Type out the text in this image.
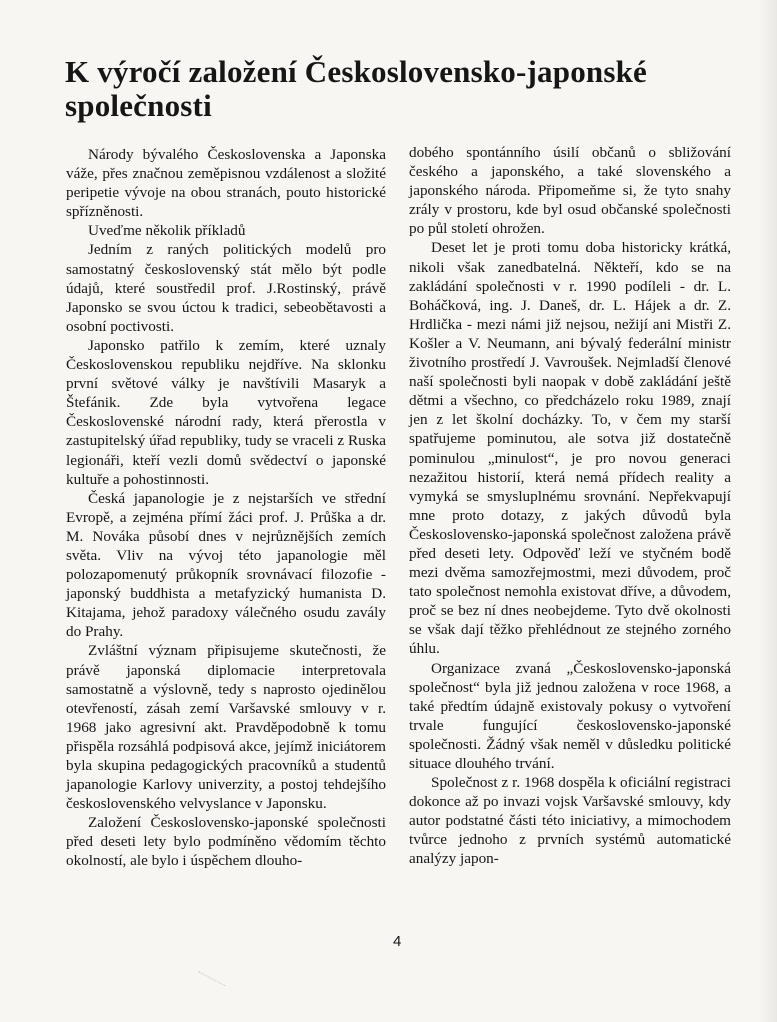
K výročí založení Československo-japonské společnosti

Národy bývalého Československa a Japonska váže, přes značnou zeměpisnou vzdálenost a složité peripetie vývoje na obou stranách, pouto historické spřízněnosti.

Uveďme několik příkladů

Jedním z raných politických modelů pro samostatný československý stát mělo být podle údajů, které soustředil prof. J.Rostinský, právě Japonsko se svou úctou k tradici, sebeobětavosti a osobní poctivosti.

Japonsko patřilo k zemím, které uznaly Československou republiku nejdříve. Na sklonku první světové války je navštívili Masaryk a Štefánik. Zde byla vytvořena legace Československé národní rady, která přerostla v zastupitelský úřad republiky, tudy se vraceli z Ruska legionáři, kteří vezli domů svědectví o japonské kultuře a pohostinnosti.

Česká japanologie je z nejstarších ve střední Evropě, a zejména přímí žáci prof. J. Průška a dr. M. Nováka působí dnes v nejrůznějších zemích světa. Vliv na vývoj této japanologie měl polozapomenutý průkopník srovnávací filozofie - japonský buddhista a metafyzický humanista D. Kitajama, jehož paradoxy válečného osudu zavály do Prahy.

Zvláštní význam připisujeme skutečnosti, že právě japonská diplomacie interpretovala samostatně a výslovně, tedy s naprosto ojedinělou otevřeností, zásah zemí Varšavské smlouvy v r. 1968 jako agresivní akt. Pravděpodobně k tomu přispěla rozsáhlá podpisová akce, jejímž iniciátorem byla skupina pedagogických pracovníků a studentů japanologie Karlovy univerzity, a postoj tehdejšího československého velvyslance v Japonsku.

Založení Československo-japonské společnosti před deseti lety bylo podmíněno vědomím těchto okolností, ale bylo i úspěchem dlouho-

dobého spontánního úsilí občanů o sbližování českého a japonského, a také slovenského a japonského národa. Připomeňme si, že tyto snahy zrály v prostoru, kde byl osud občanské společnosti po půl století ohrožen.

Deset let je proti tomu doba historicky krátká, nikoli však zanedbatelná. Někteří, kdo se na zakládání společnosti v r. 1990 podíleli - dr. L. Boháčková, ing. J. Daneš, dr. L. Hájek a dr. Z. Hrdlička - mezi námi již nejsou, nežijí ani Mistři Z. Košler a V. Neumann, ani bývalý federální ministr životního prostředí J. Vavroušek. Nejmladší členové naší společnosti byli naopak v době zakládání ještě dětmi a všechno, co předcházelo roku 1989, znají jen z let školní docházky. To, v čem my starší spatřujeme pominutou, ale sotva již dostatečně pominulou „minulost“, je pro novou generaci nezažitou historií, která nemá přídech reality a vymyká se smysluplnému srovnání. Nepřekvapují mne proto dotazy, z jakých důvodů byla Československo-japonská společnost založena právě před deseti lety. Odpověď leží ve styčném bodě mezi dvěma samozřejmostmi, mezi důvodem, proč tato společnost nemohla existovat dříve, a důvodem, proč se bez ní dnes neobejdeme. Tyto dvě okolnosti se však dají těžko přehlédnout ze stejného zorného úhlu.

Organizace zvaná „Československo-japonská společnost“ byla již jednou založena v roce 1968, a také předtím údajně existovaly pokusy o vytvoření trvale fungující československo-japonské společnosti. Žádný však neměl v důsledku politické situace dlouhého trvání.

Společnost z r. 1968 dospěla k oficiální registraci dokonce až po invazi vojsk Varšavské smlouvy, kdy autor podstatné části této iniciativy, a mimochodem tvůrce jednoho z prvních systémů automatické analýzy japon-

4
